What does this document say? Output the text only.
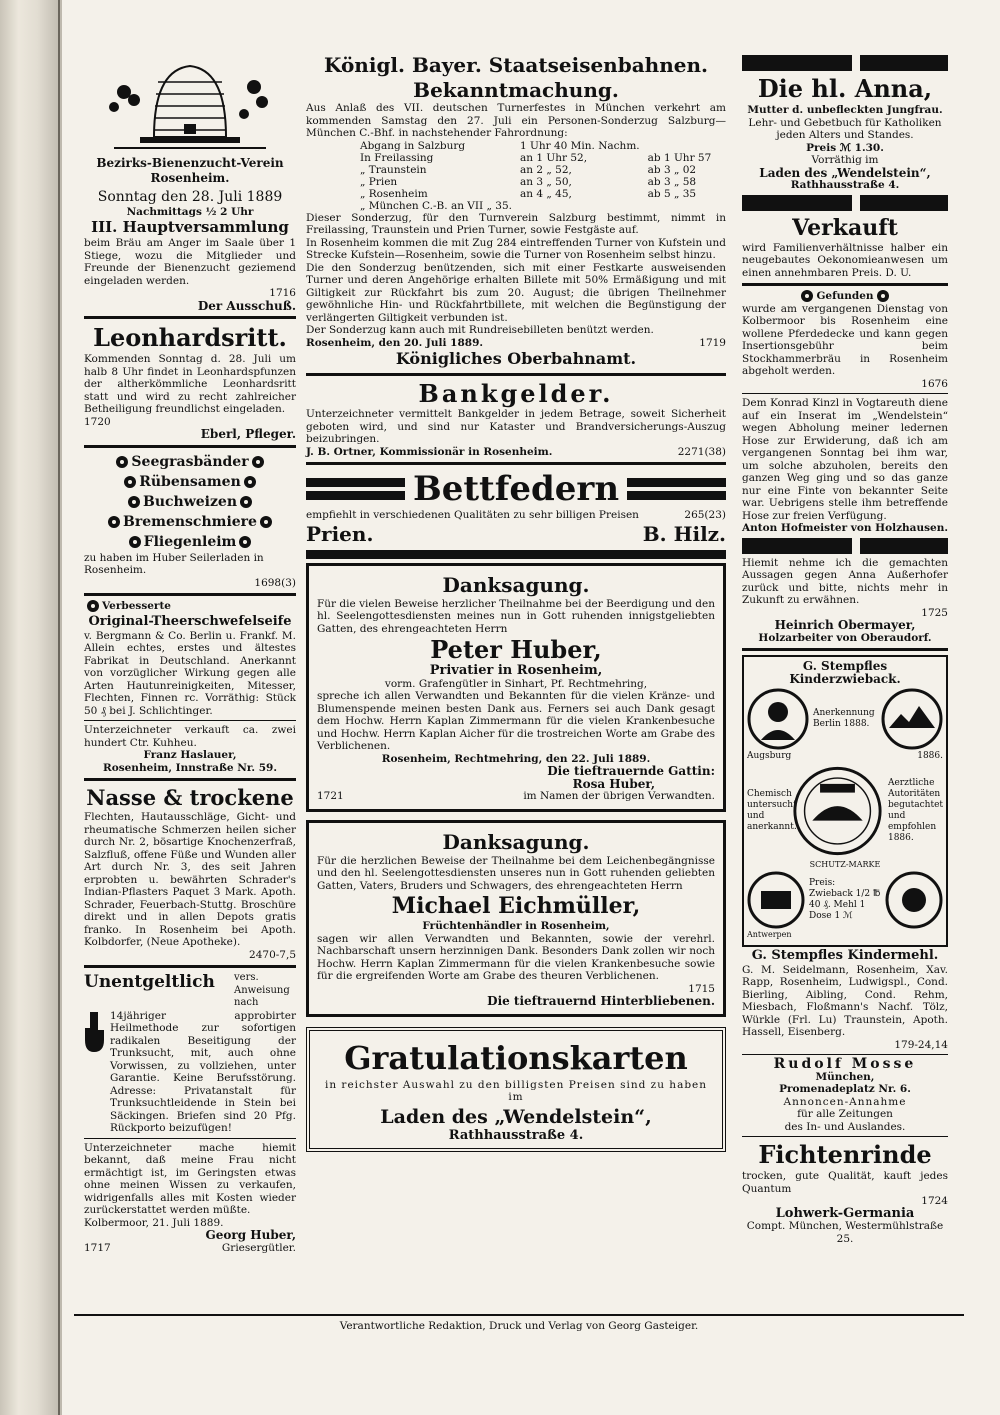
Bezirks-Bienenzucht-Verein Rosenheim.

Sonntag den 28. Juli 1889

Nachmittags ½ 2 Uhr

III. Hauptversammlung

beim Bräu am Anger im Saale über 1 Stiege, wozu die Mitglieder und Freunde der Bienenzucht geziemend eingeladen werden.

1716

Der Ausschuß.

Leonhardsritt.

Kommenden Sonntag d. 28. Juli um halb 8 Uhr findet in Leonhardspfunzen der altherkömmliche Leonhardsritt statt und wird zu recht zahlreicher Betheiligung freundlichst eingeladen.

1720

Eberl, Pfleger.

Seegrasbänder

Rübensamen

Buchweizen

Bremenschmiere

Fliegenleim

zu haben im Huber Seilerladen in Rosenheim.

1698(3)

Verbesserte

Original-Theerschwefelseife

v. Bergmann & Co. Berlin u. Frankf. M. Allein echtes, erstes und ältestes Fabrikat in Deutschland. Anerkannt von vorzüglicher Wirkung gegen alle Arten Hautunreinigkeiten, Mitesser, Flechten, Finnen rc. Vorräthig: Stück 50 ₰ bei J. Schlichtinger.

Unterzeichneter verkauft ca. zwei hundert Ctr. Kuhheu.

Franz Haslauer,

Rosenheim, Innstraße Nr. 59.

Nasse & trockene

Flechten, Hautausschläge, Gicht- und rheumatische Schmerzen heilen sicher durch Nr. 2, bösartige Knochenzerfraß, Salzfluß, offene Füße und Wunden aller Art durch Nr. 3, des seit Jahren erprobten u. bewährten Schrader's Indian-Pflasters Paquet 3 Mark. Apoth. Schrader, Feuerbach-Stuttg. Broschüre direkt und in allen Depots gratis franko. In Rosenheim bei Apoth. Kolbdorfer, (Neue Apotheke).

2470-7,5

Unentgeltlich vers. Anweisung nach

14jähriger approbirter Heilmethode zur sofortigen radikalen Beseitigung der Trunksucht, mit, auch ohne Vorwissen, zu vollziehen, unter Garantie. Keine Berufsstörung. Adresse: Privatanstalt für Trunksuchtleidende in Stein bei Säckingen. Briefen sind 20 Pfg. Rückporto beizufügen!

Unterzeichneter mache hiemit bekannt, daß meine Frau nicht ermächtigt ist, im Geringsten etwas ohne meinen Wissen zu verkaufen, widrigenfalls alles mit Kosten wieder zurückerstattet werden müßte.

Kolbermoor, 21. Juli 1889.

Georg Huber,

1717	Griesergütler.

Königl. Bayer. Staatseisenbahnen.

Bekanntmachung.

Aus Anlaß des VII. deutschen Turnerfestes in München verkehrt am kommenden Samstag den 27. Juli ein Personen-Sonderzug Salzburg—München C.-Bhf. in nachstehender Fahrordnung:

Abgang in Salzburg	1 Uhr 40 Min. Nachm.	
In Freilassing	an 1 Uhr 52,	ab 1 Uhr 57
„ Traunstein	an 2 „ 52,	ab 3 „ 02
„ Prien	an 3 „ 50,	ab 3 „ 58
„ Rosenheim	an 4 „ 45,	ab 5 „ 35
„ München C.-B. an VII „ 35.		

Dieser Sonderzug, für den Turnverein Salzburg bestimmt, nimmt in Freilassing, Traunstein und Prien Turner, sowie Festgäste auf.

In Rosenheim kommen die mit Zug 284 eintreffenden Turner von Kufstein und Strecke Kufstein—Rosenheim, sowie die Turner von Rosenheim selbst hinzu.

Die den Sonderzug benützenden, sich mit einer Festkarte ausweisenden Turner und deren Angehörige erhalten Billete mit 50% Ermäßigung und mit Giltigkeit zur Rückfahrt bis zum 20. August; die übrigen Theilnehmer gewöhnliche Hin- und Rückfahrtbillete, mit welchen die Begünstigung der verlängerten Giltigkeit verbunden ist.

Der Sonderzug kann auch mit Rundreisebilleten benützt werden.

Rosenheim, den 20. Juli 1889.	1719

Königliches Oberbahnamt.

Bankgelder.

Unterzeichneter vermittelt Bankgelder in jedem Betrage, soweit Sicherheit geboten wird, und sind nur Kataster und Brandversicherungs-Auszug beizubringen.

J. B. Ortner, Kommissionär in Rosenheim.	2271(38)
Bettfedern
empfiehlt in verschiedenen Qualitäten zu sehr billigen Preisen	265(23)
Prien.	B. Hilz.

Danksagung.

Für die vielen Beweise herzlicher Theilnahme bei der Beerdigung und den hl. Seelengottesdiensten meines nun in Gott ruhenden innigstgeliebten Gatten, des ehrengeachteten Herrn

Peter Huber,

Privatier in Rosenheim,

vorm. Grafengütler in Sinhart, Pf. Rechtmehring,

spreche ich allen Verwandten und Bekannten für die vielen Kränze- und Blumenspende meinen besten Dank aus. Ferners sei auch Dank gesagt dem Hochw. Herrn Kaplan Zimmermann für die vielen Krankenbesuche und Hochw. Herrn Kaplan Aicher für die trostreichen Worte am Grabe des Verblichenen.

Rosenheim, Rechtmehring, den 22. Juli 1889.

Die tieftrauernde Gattin:

Rosa Huber,

1721	im Namen der übrigen Verwandten.

Danksagung.

Für die herzlichen Beweise der Theilnahme bei dem Leichenbegängnisse und den hl. Seelengottesdiensten unseres nun in Gott ruhenden geliebten Gatten, Vaters, Bruders und Schwagers, des ehrengeachteten Herrn

Michael Eichmüller,

Früchtenhändler in Rosenheim,

sagen wir allen Verwandten und Bekannten, sowie der verehrl. Nachbarschaft unsern herzinnigen Dank. Besonders Dank zollen wir noch Hochw. Herrn Kaplan Zimmermann für die vielen Krankenbesuche sowie für die ergreifenden Worte am Grabe des theuren Verblichenen.

1715

Die tieftrauernd Hinterbliebenen.

Gratulationskarten

in reichster Auswahl zu den billigsten Preisen sind zu haben im

Laden des „Wendelstein“,

Rathhausstraße 4.

Die hl. Anna,

Mutter d. unbefleckten Jungfrau.

Lehr- und Gebetbuch für Katholiken jeden Alters und Standes.

Preis ℳ 1.30.

Vorräthig im

Laden des „Wendelstein“,

Rathhausstraße 4.

Verkauft

wird Familienverhältnisse halber ein neugebautes Oekonomieanwesen um einen annehmbaren Preis. D. U.

Gefunden

wurde am vergangenen Dienstag von Kolbermoor bis Rosenheim eine wollene Pferdedecke und kann gegen Insertionsgebühr beim Stockhammerbräu in Rosenheim abgeholt werden.

1676

Dem Konrad Kinzl in Vogtareuth diene auf ein Inserat im „Wendelstein“ wegen Abholung meiner ledernen Hose zur Erwiderung, daß ich am vergangenen Sonntag bei ihm war, um solche abzuholen, bereits den ganzen Weg ging und so das ganze nur eine Finte von bekannter Seite war. Uebrigens stelle ihm betreffende Hose zur freien Verfügung.

Anton Hofmeister von Holzhausen.

Hiemit nehme ich die gemachten Aussagen gegen Anna Außerhofer zurück und bitte, nichts mehr in Zukunft zu erwähnen.

1725

Heinrich Obermayer,

Holzarbeiter von Oberaudorf.

G. Stempfles Kinderzwieback.

Anerkennung Berlin 1888.
Augsburg	1886.
Chemisch untersucht und anerkannt.
Aerztliche Autoritäten begutachtet und empfohlen 1886.

SCHUTZ-MARKE

Preis: Zwieback 1/2 ℔ 40 ₰. Mehl 1 Dose 1 ℳ

Antwerpen

G. Stempfles Kindermehl.

G. M. Seidelmann, Rosenheim, Xav. Rapp, Rosenheim, Ludwigspl., Cond. Bierling, Aibling, Cond. Rehm, Miesbach, Floßmann's Nachf. Tölz, Würkle (Frl. Lu) Traunstein, Apoth. Hassell, Eisenberg.

179-24,14

Rudolf Mosse

München,

Promenadeplatz Nr. 6.

Annoncen-Annahme

für alle Zeitungen

des In- und Auslandes.

Fichtenrinde

trocken, gute Qualität, kauft jedes Quantum

1724

Lohwerk-Germania

Compt. München, Westermühlstraße 25.

Verantwortliche Redaktion, Druck und Verlag von Georg Gasteiger.
